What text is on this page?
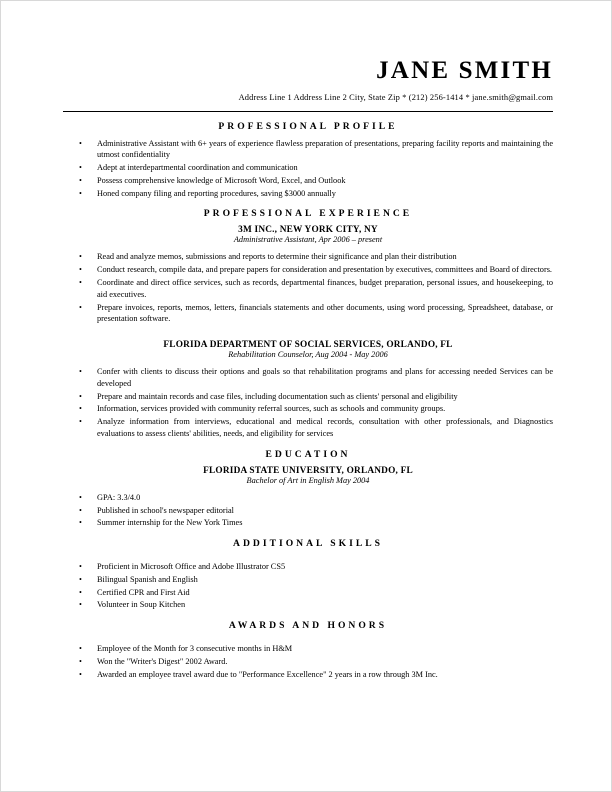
JANE SMITH
Address Line 1 Address Line 2 City, State Zip * (212) 256-1414 * jane.smith@gmail.com
PROFESSIONAL PROFILE
• Administrative Assistant with 6+ years of experience flawless preparation of presentations, preparing facility reports and maintaining the utmost confidentiality
• Adept at interdepartmental coordination and communication
• Possess comprehensive knowledge of Microsoft Word, Excel, and Outlook
• Honed company filing and reporting procedures, saving $3000 annually
PROFESSIONAL EXPERIENCE
3M INC., NEW YORK CITY, NY
Administrative Assistant, Apr 2006 – present
• Read and analyze memos, submissions and reports to determine their significance and plan their distribution
• Conduct research, compile data, and prepare papers for consideration and presentation by executives, committees and Board of directors.
• Coordinate and direct office services, such as records, departmental finances, budget preparation, personal issues, and housekeeping, to aid executives.
• Prepare invoices, reports, memos, letters, financials statements and other documents, using word processing, Spreadsheet, database, or presentation software.
FLORIDA DEPARTMENT OF SOCIAL SERVICES, ORLANDO, FL
Rehabilitation Counselor, Aug 2004 - May 2006
• Confer with clients to discuss their options and goals so that rehabilitation programs and plans for accessing needed Services can be developed
• Prepare and maintain records and case files, including documentation such as clients' personal and eligibility
• Information, services provided with community referral sources, such as schools and community groups.
• Analyze information from interviews, educational and medical records, consultation with other professionals, and Diagnostics evaluations to assess clients' abilities, needs, and eligibility for services
EDUCATION
FLORIDA STATE UNIVERSITY, ORLANDO, FL
Bachelor of Art in English May 2004
• GPA: 3.3/4.0
• Published in school's newspaper editorial
• Summer internship for the New York Times
ADDITIONAL SKILLS
• Proficient in Microsoft Office and Adobe Illustrator CS5
• Bilingual Spanish and English
• Certified CPR and First Aid
• Volunteer in Soup Kitchen
AWARDS AND HONORS
• Employee of the Month for 3 consecutive months in H&M
• Won the "Writer's Digest" 2002 Award.
• Awarded an employee travel award due to "Performance Excellence" 2 years in a row through 3M Inc.
